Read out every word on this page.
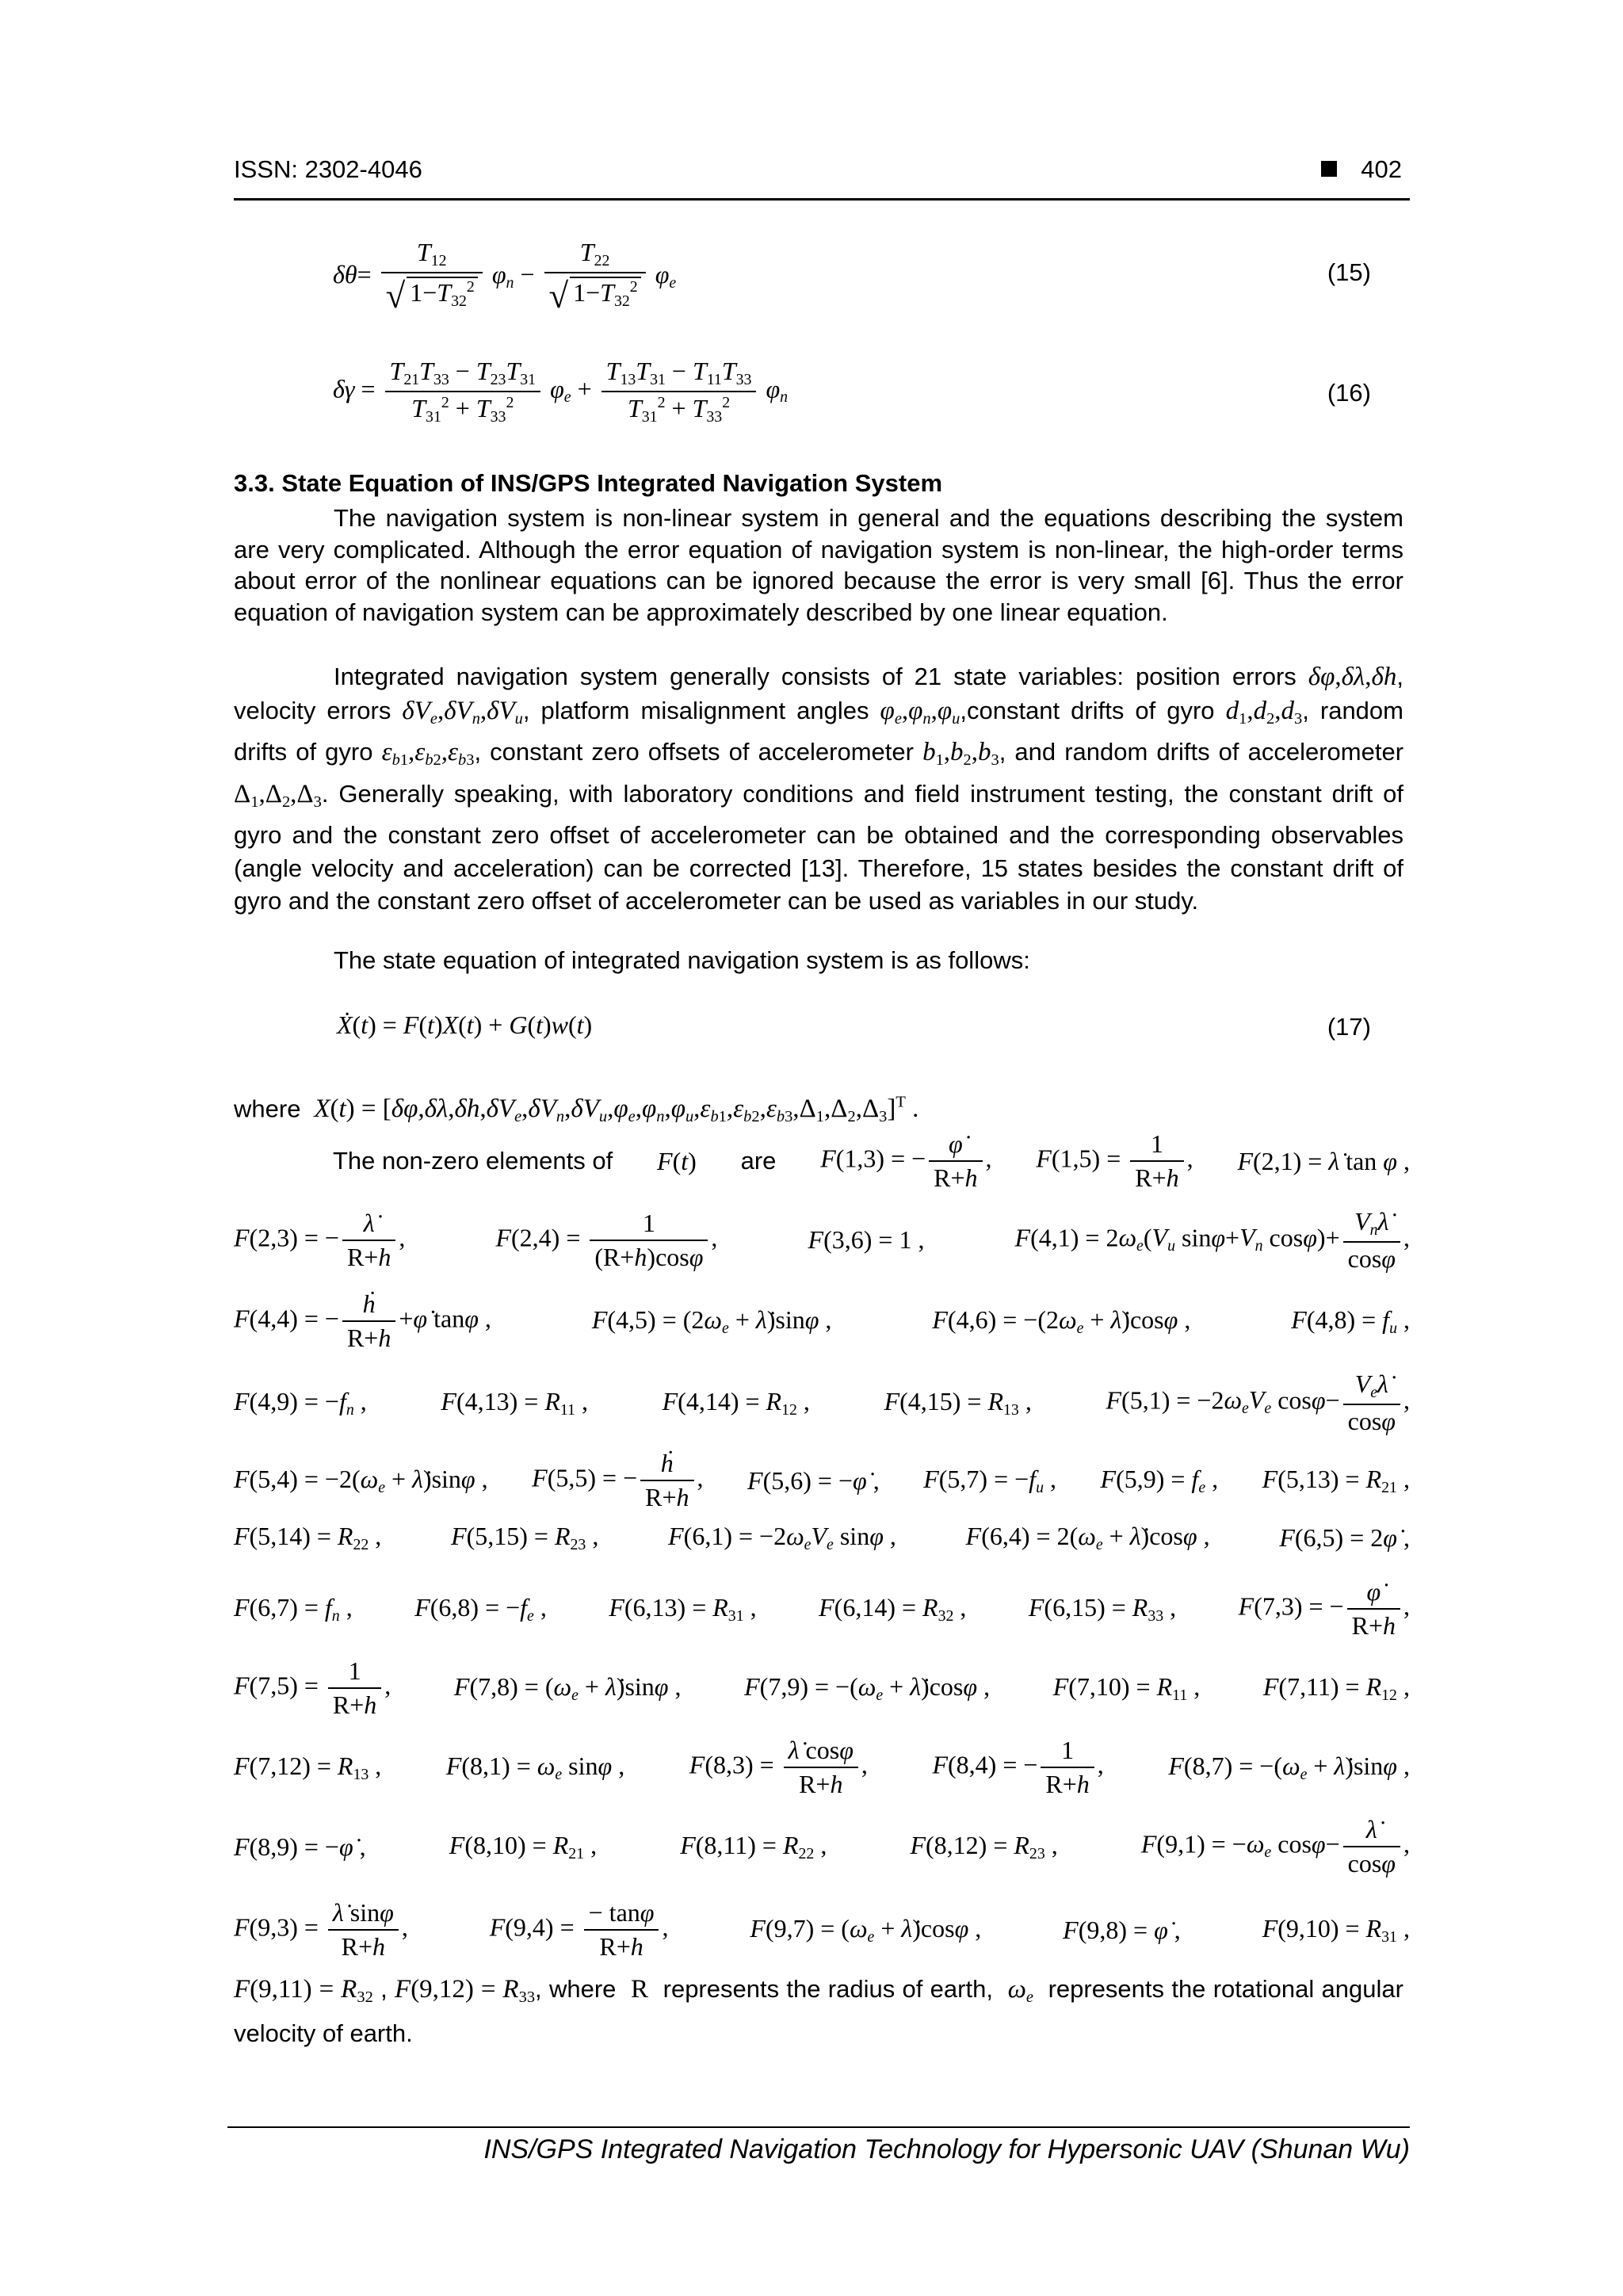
ISSN: 2302-4046	402
$\delta\theta= \frac{T_{12}}{√ 1-T_{32}^2} \varphi_n - \frac{T_{22}}{√ 1-T_{32}^2} \varphi_e$	(15)
$\delta\gamma = \frac{T_{21}T_{33} - T_{23}T_{31}}{T_{31}^2 + T_{33}^2} \varphi_e + \frac{T_{13}T_{31} - T_{11}T_{33}}{T_{31}^2 + T_{33}^2} \varphi_n$	(16)
3.3. State Equation of INS/GPS Integrated Navigation System
The navigation system is non-linear system in general and the equations describing the system are very complicated. Although the error equation of navigation system is non-linear, the high-order terms about error of the nonlinear equations can be ignored because the error is very small [6]. Thus the error equation of navigation system can be approximately described by one linear equation.
Integrated navigation system generally consists of 21 state variables: position errors δφ,δλ,δh, velocity errors $\delta V_e,\delta V_n,\delta V_u$, platform misalignment angles $\varphi_e,\varphi_n,\varphi_u,constant$ drifts of gyro $d_1,d_2,d_3$, random drifts of gyro $\varepsilon_{b1},\varepsilon_{b2},\varepsilon_{b3}$, constant zero offsets of accelerometer $b_1,b_2,b_3$, and random drifts of accelerometer $\Delta_1,\Delta_2,\Delta_3$. Generally speaking, with laboratory conditions and field instrument testing, the constant drift of gyro and the constant zero offset of accelerometer can be obtained and the corresponding observables (angle velocity and acceleration) can be corrected [13]. Therefore, 15 states besides the constant drift of gyro and the constant zero offset of accelerometer can be used as variables in our study.
The state equation of integrated navigation system is as follows:
Ẋ(t) = F(t)X(t) + G(t)w(t)	(17)
where $X(t) = [\delta\varphi,\delta\lambda,\delta h,\delta V_e,\delta V_n,\delta V_u,\varphi_e,\varphi_n,\varphi_u,\varepsilon_{b1},\varepsilon_{b2},\varepsilon_{b3},\Delta_1,\Delta_2,\Delta_3]^T$ .
The non-zero elements of F(t) are F(1,3) = − $\frac{\varphi̇}{R+h}$ , $F(1,5) = \frac{1}{R+h}$ , F(2,1) = λ̇ tan φ ,
F(2,3) = − $\frac{\lambdȧ}{R+h}$ ,	$F(2,4) = \frac{1}{(R+h)\cos\varphi}$ ,	F(3,6) = 1 ,	$F(4,1) = 2\omega_e(V_u$ $\sin\varphi+V_n$ $\cos\varphi)+ \frac{V_n\lambdȧ}{\cos\varphi}$ ,
F(4,4) = − $\frac{\text{ḣ}}{R+h}$ +φ̇ tanφ ,	$F(4,5) = (2\omega_e$ + λ̇)sinφ ,	$F(4,6) = -(2\omega_e$ + λ̇)cosφ ,	$F(4,8) = f_u$ ,
$F(4,9) = -f_n$ ,	$F(4,13) = R_{11}$ ,	$F(4,14) = R_{12}$ ,	$F(4,15) = R_{13}$ ,	$F(5,1) = -2\omega_eV_e$ $\cos\varphi- \frac{V_e\lambdȧ}{\cos\varphi}$ ,
$F(5,4) = -2(\omega_e$ + λ̇)sinφ , F(5,5) = − $\frac{\text{ḣ}}{R+h}$ , F(5,6) = −φ̇ , $F(5,7) = -f_u$ , $F(5,9) = f_e$ , $F(5,13) = R_{21}$ ,
$F(5,14) = R_{22}$ ,	$F(5,15) = R_{23}$ ,	$F(6,1) = -2\omega_eV_e$ sinφ ,	$F(6,4) = 2(\omega_e$ + λ̇)cosφ ,	F(6,5) = 2φ̇ ,
$F(6,7) = f_n$ , $F(6,8) = -f_e$ , $F(6,13) = R_{31}$ , $F(6,14) = R_{32}$ , $F(6,15) = R_{33}$ , F(7,3) = − $\frac{\varphi̇}{R+h}$ ,
$F(7,5) = \frac{1}{R+h}$ , $F(7,8) = (\omega_e$ + λ̇)sinφ , $F(7,9) = -(\omega_e$ + λ̇)cosφ , $F(7,10) = R_{11}$ , $F(7,11) = R_{12}$ ,
$F(7,12) = R_{13}$ ,	$F(8,1) = \omega_e$ sinφ ,	$F(8,3) = \frac{\lambdȧ \cos\varphi}{R+h}$ ,	F(8,4) = − $\frac{1}{R+h}$ ,	$F(8,7) = -(\omega_e$ + λ̇)sinφ ,
F(8,9) = −φ̇ ,	$F(8,10) = R_{21}$ ,	$F(8,11) = R_{22}$ ,	$F(8,12) = R_{23}$ ,	$F(9,1) = -\omega_e$ $\cos\varphi- \frac{\lambdȧ}{\cos\varphi}$ ,
$F(9,3) = \frac{\lambdȧ \sin\varphi}{R+h}$ ,	$F(9,4) = \frac{- \tan\varphi}{R+h}$ ,	$F(9,7) = (\omega_e$ + λ̇)cosφ ,	F(9,8) = φ̇ ,	$F(9,10) = R_{31}$ ,
$F(9,11) = R_{32}$ , $F(9,12) = R_{33}$, where R represents the radius of earth, $\omega_e$ represents the rotational angular velocity of earth.
INS/GPS Integrated Navigation Technology for Hypersonic UAV (Shunan Wu)
